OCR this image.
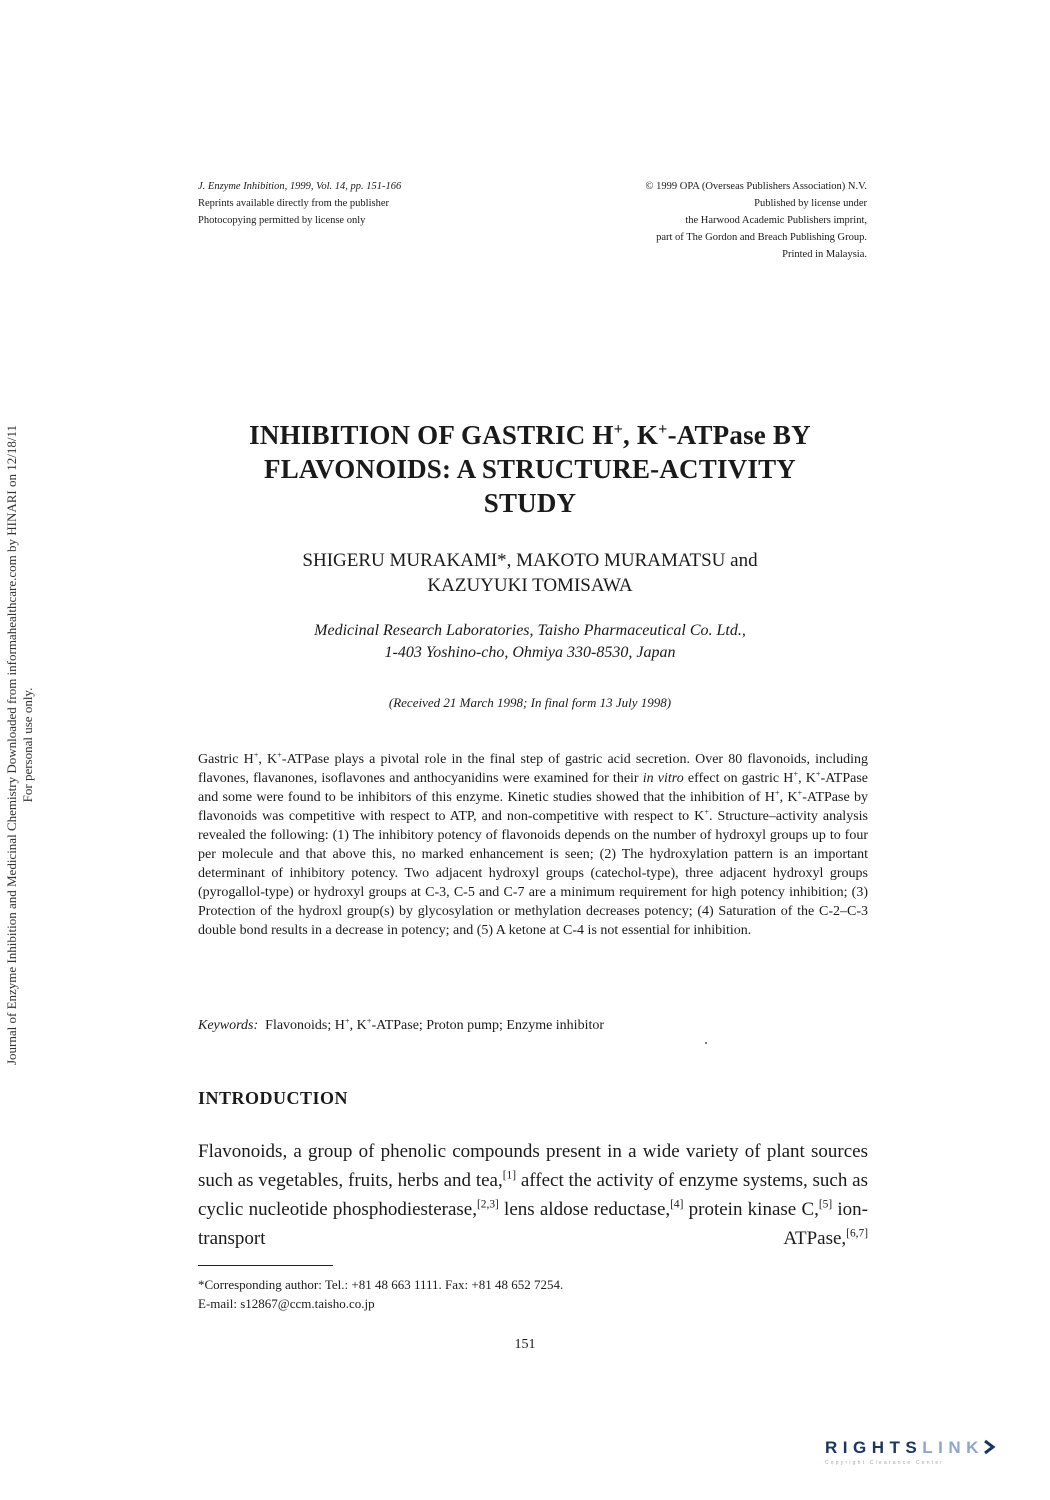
J. Enzyme Inhibition, 1999, Vol. 14, pp. 151-166
Reprints available directly from the publisher
Photocopying permitted by license only
© 1999 OPA (Overseas Publishers Association) N.V.
Published by license under
the Harwood Academic Publishers imprint,
part of The Gordon and Breach Publishing Group.
Printed in Malaysia.
Journal of Enzyme Inhibition and Medicinal Chemistry Downloaded from informahealthcare.com by HINARI on 12/18/11 For personal use only.
INHIBITION OF GASTRIC H+, K+-ATPase BY
FLAVONOIDS: A STRUCTURE-ACTIVITY
STUDY
SHIGERU MURAKAMI*, MAKOTO MURAMATSU and
KAZUYUKI TOMISAWA
Medicinal Research Laboratories, Taisho Pharmaceutical Co. Ltd.,
1-403 Yoshino-cho, Ohmiya 330-8530, Japan
(Received 21 March 1998; In final form 13 July 1998)
Gastric H+, K+-ATPase plays a pivotal role in the final step of gastric acid secretion. Over 80 flavonoids, including flavones, flavanones, isoflavones and anthocyanidins were examined for their in vitro effect on gastric H+, K+-ATPase and some were found to be inhibitors of this enzyme. Kinetic studies showed that the inhibition of H+, K+-ATPase by flavonoids was competitive with respect to ATP, and non-competitive with respect to K+. Structure–activity analysis revealed the following: (1) The inhibitory potency of flavonoids depends on the number of hydroxyl groups up to four per molecule and that above this, no marked enhancement is seen; (2) The hydroxylation pattern is an important determinant of inhibitory potency. Two adjacent hydroxyl groups (catechol-type), three adjacent hydroxyl groups (pyrogallol-type) or hydroxyl groups at C-3, C-5 and C-7 are a minimum requirement for high potency inhibition; (3) Protection of the hydroxl group(s) by glycosylation or methylation decreases potency; (4) Saturation of the C-2–C-3 double bond results in a decrease in potency; and (5) A ketone at C-4 is not essential for inhibition.
Keywords:  Flavonoids; H+, K+-ATPase; Proton pump; Enzyme inhibitor
INTRODUCTION
Flavonoids, a group of phenolic compounds present in a wide variety of plant sources such as vegetables, fruits, herbs and tea,[1] affect the activity of enzyme systems, such as cyclic nucleotide phosphodiesterase,[2,3] lens aldose reductase,[4] protein kinase C,[5] ion-transport ATPase,[6,7]
*Corresponding author: Tel.: +81 48 663 1111. Fax: +81 48 652 7254.
E-mail: s12867@ccm.taisho.co.jp
151
RIGHTSLINK
Copyright Clearance Center
